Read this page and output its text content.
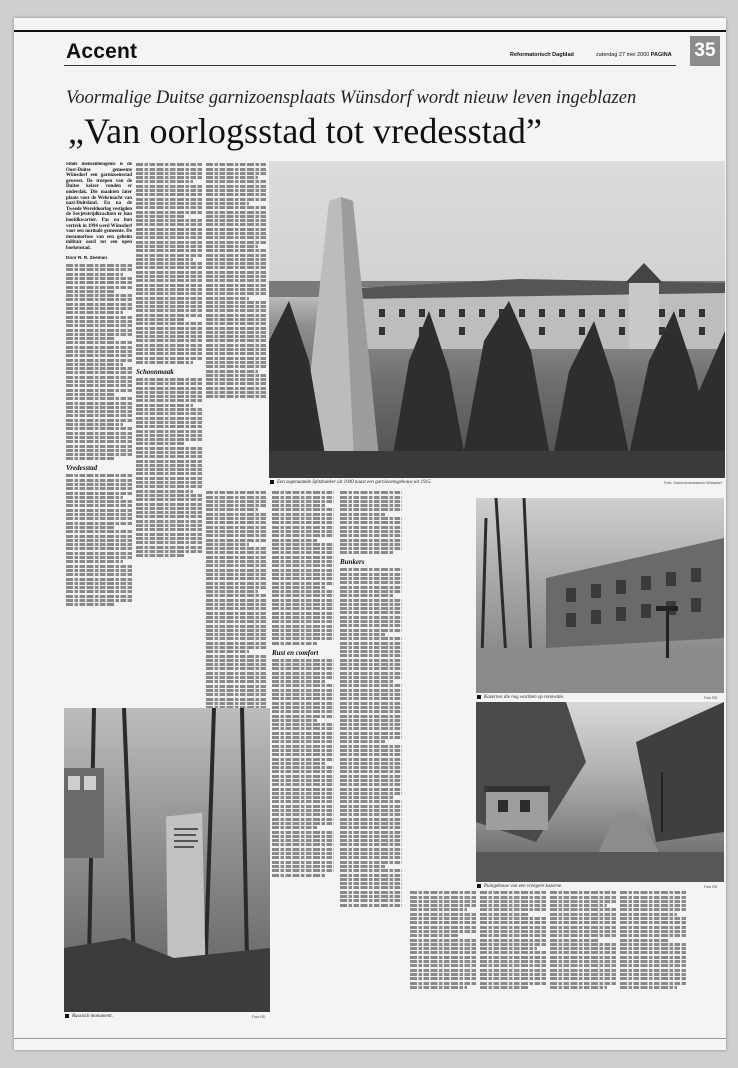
Accent	Reformatorisch Dagblad	zaterdag 27 mei 2000 PAGINA 35
Voormalige Duitse garnizoensplaats Wünsdorf wordt nieuw leven ingeblazen
„Van oorlogsstad tot vredesstad”

Sinds mensenheugenis is de Oost-Duitse gemeente Wünsdorf een garnizoensstad geweest. De troepen van de Duitse keizer vonden er onderdak. Die maakten later plaats voor de Wehrmacht van nazi-Duitsland. En na de Tweede Wereldoorlog vestigden de Sovjetstrijdkrachten er hun hoofdkwartier. Pas na hun vertrek in 1994 werd Wünsdorf voor een normale gemeente. De metamorfose van een geheim militair oord tot een open boekenstad.

Door R. R. Zeeman
Vredesstad
Schoonmaak
Een zogenaamde Spitzbunker uit 1940 naast een garnizoensgebouw uit 1915.	Foto: Garnizoensmuseum Wünsdorf
Rust en comfort
Bunkers
Kazernes die nog wachten op renovatie.	Foto RD
Puingebouw van een vroegere kazerne.	Foto RD
Russisch monument.	Foto RD
